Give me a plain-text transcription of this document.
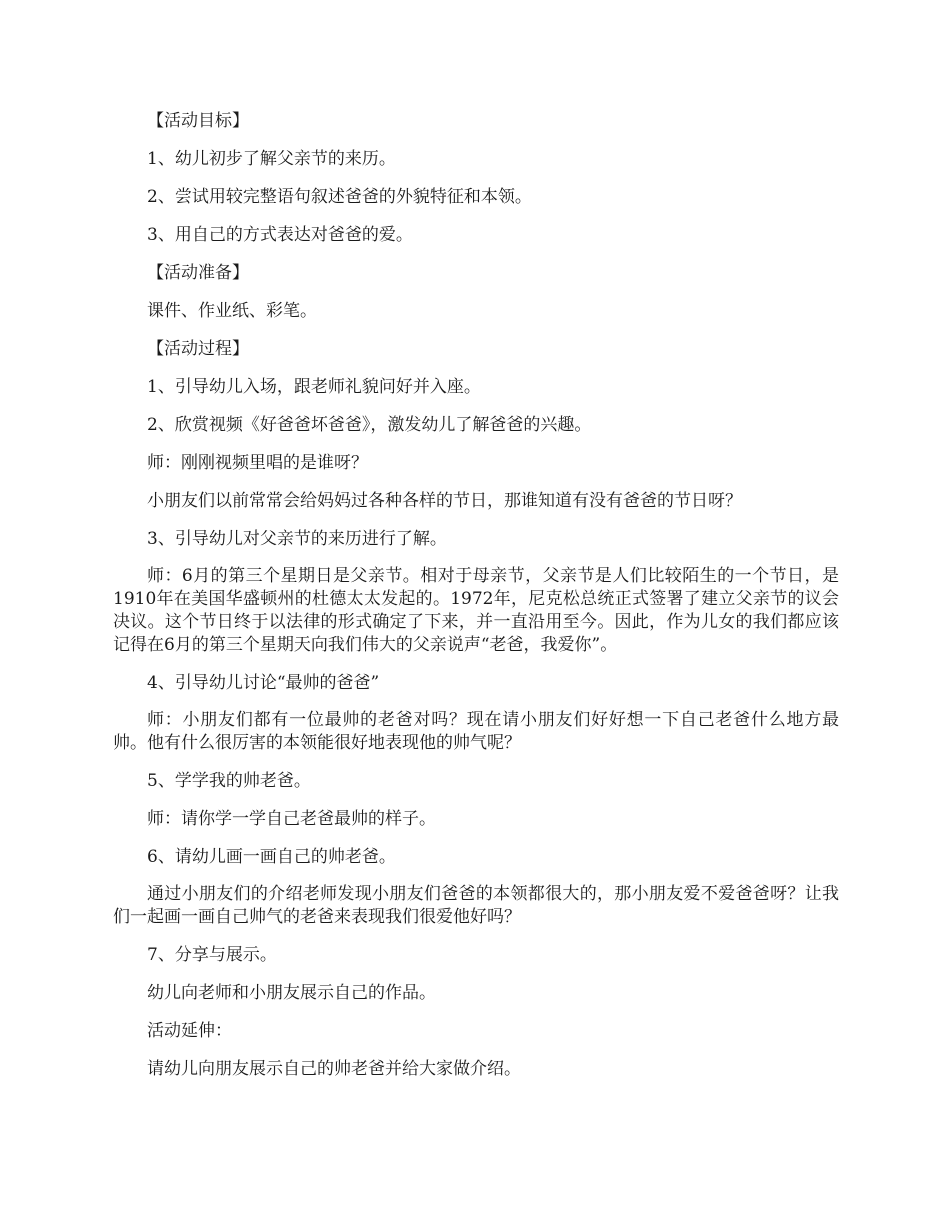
【活动目标】

1、幼儿初步了解父亲节的来历。

2、尝试用较完整语句叙述爸爸的外貌特征和本领。

3、用自己的方式表达对爸爸的爱。

【活动准备】

课件、作业纸、彩笔。

【活动过程】

1、引导幼儿入场，跟老师礼貌问好并入座。

2、欣赏视频《好爸爸坏爸爸》，激发幼儿了解爸爸的兴趣。

师：刚刚视频里唱的是谁呀？

小朋友们以前常常会给妈妈过各种各样的节日，那谁知道有没有爸爸的节日呀？

3、引导幼儿对父亲节的来历进行了解。

师：6月的第三个星期日是父亲节。相对于母亲节，父亲节是人们比较陌生的一个节日，是1910年在美国华盛顿州的杜德太太发起的。1972年，尼克松总统正式签署了建立父亲节的议会决议。这个节日终于以法律的形式确定了下来，并一直沿用至今。因此，作为儿女的我们都应该记得在6月的第三个星期天向我们伟大的父亲说声“老爸，我爱你”。

4、引导幼儿讨论“最帅的爸爸”

师：小朋友们都有一位最帅的老爸对吗？现在请小朋友们好好想一下自己老爸什么地方最帅。他有什么很厉害的本领能很好地表现他的帅气呢？

5、学学我的帅老爸。

师：请你学一学自己老爸最帅的样子。

6、请幼儿画一画自己的帅老爸。

通过小朋友们的介绍老师发现小朋友们爸爸的本领都很大的，那小朋友爱不爱爸爸呀？让我们一起画一画自己帅气的老爸来表现我们很爱他好吗？

7、分享与展示。

幼儿向老师和小朋友展示自己的作品。

活动延伸：

请幼儿向朋友展示自己的帅老爸并给大家做介绍。
